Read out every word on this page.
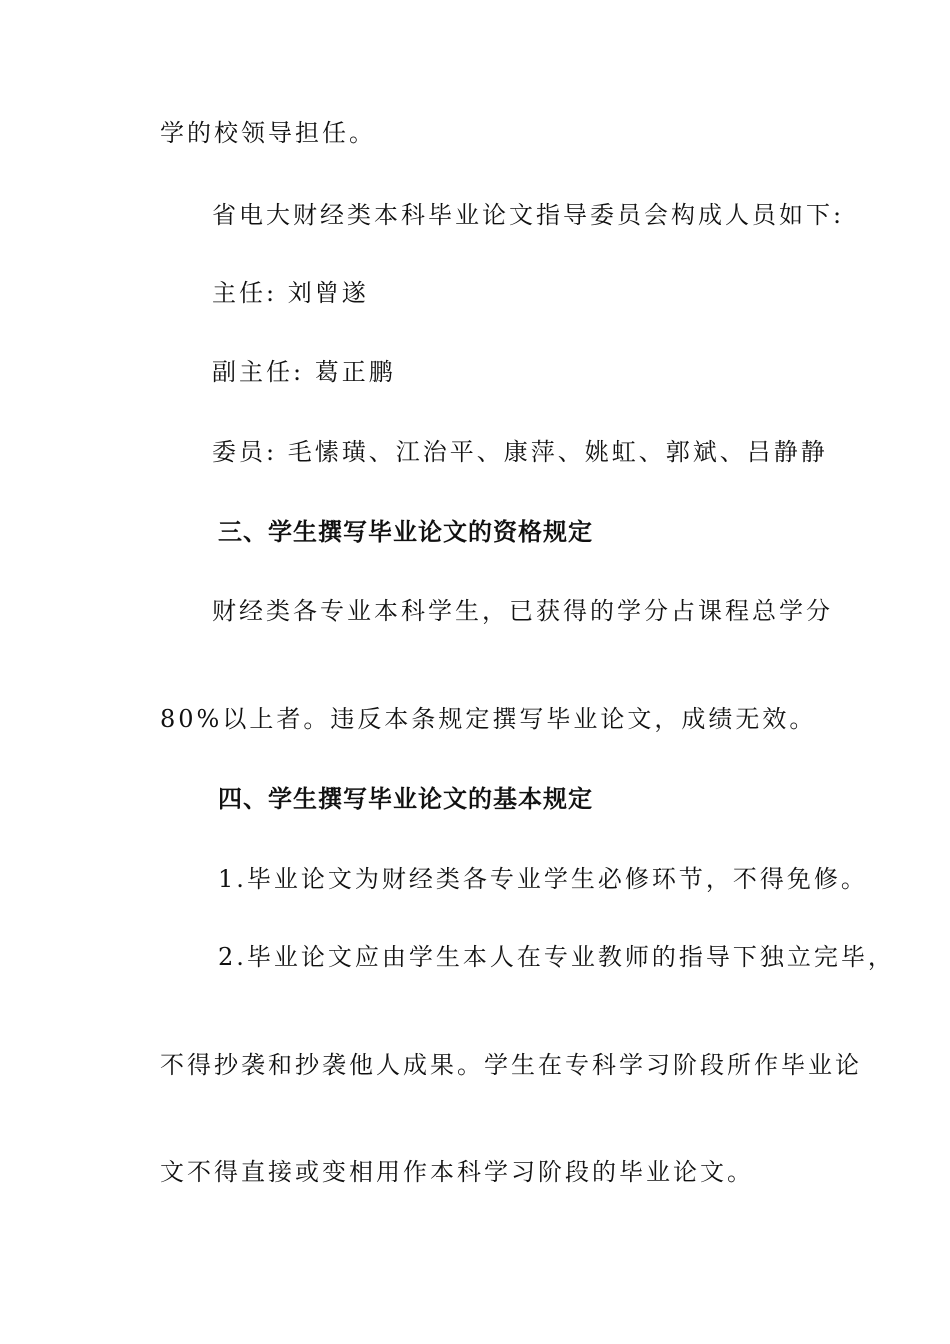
学的校领导担任。
省电大财经类本科毕业论文指导委员会构成人员如下:
主任: 刘曾遂
副主任: 葛正鹏
委员: 毛愫璜、江治平、康萍、姚虹、郭斌、吕静静
三、学生撰写毕业论文的资格规定
财经类各专业本科学生，已获得的学分占课程总学分
80%以上者。违反本条规定撰写毕业论文，成绩无效。
四、学生撰写毕业论文的基本规定
1.毕业论文为财经类各专业学生必修环节，不得免修。
2.毕业论文应由学生本人在专业教师的指导下独立完毕，
不得抄袭和抄袭他人成果。学生在专科学习阶段所作毕业论
文不得直接或变相用作本科学习阶段的毕业论文。
